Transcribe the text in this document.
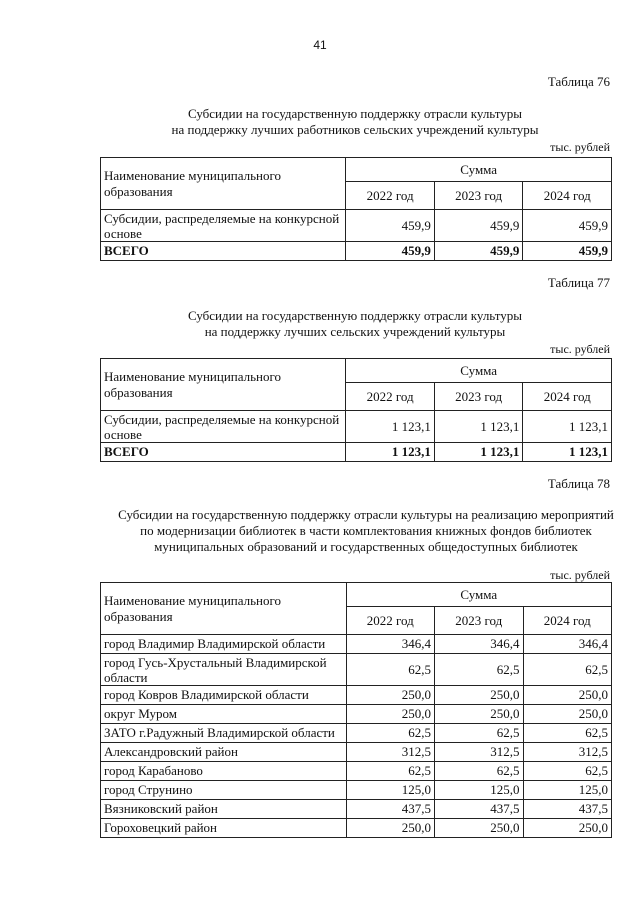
41
Таблица 76
Субсидии на государственную поддержку отрасли культуры
на поддержку лучших работников сельских учреждений культуры
тыс. рублей
Наименование муниципального образования	Сумма		
	2022 год	2023 год	2024 год
Субсидии, распределяемые на конкурсной основе	459,9	459,9	459,9
ВСЕГО	459,9	459,9	459,9
Таблица 77
Субсидии на государственную поддержку отрасли культуры
на поддержку лучших сельских учреждений культуры
тыс. рублей
Наименование муниципального образования	Сумма		
	2022 год	2023 год	2024 год
Субсидии, распределяемые на конкурсной основе	1 123,1	1 123,1	1 123,1
ВСЕГО	1 123,1	1 123,1	1 123,1
Таблица 78
Субсидии на государственную поддержку отрасли культуры на реализацию мероприятий
по модернизации библиотек в части комплектования книжных фондов библиотек
муниципальных образований и государственных общедоступных библиотек
тыс. рублей
Наименование муниципального образования	Сумма		
	2022 год	2023 год	2024 год
город Владимир Владимирской области	346,4	346,4	346,4
город Гусь-Хрустальный Владимирской области	62,5	62,5	62,5
город Ковров Владимирской области	250,0	250,0	250,0
округ Муром	250,0	250,0	250,0
ЗАТО г.Радужный Владимирской области	62,5	62,5	62,5
Александровский район	312,5	312,5	312,5
город Карабаново	62,5	62,5	62,5
город Струнино	125,0	125,0	125,0
Вязниковский район	437,5	437,5	437,5
Гороховецкий район	250,0	250,0	250,0
